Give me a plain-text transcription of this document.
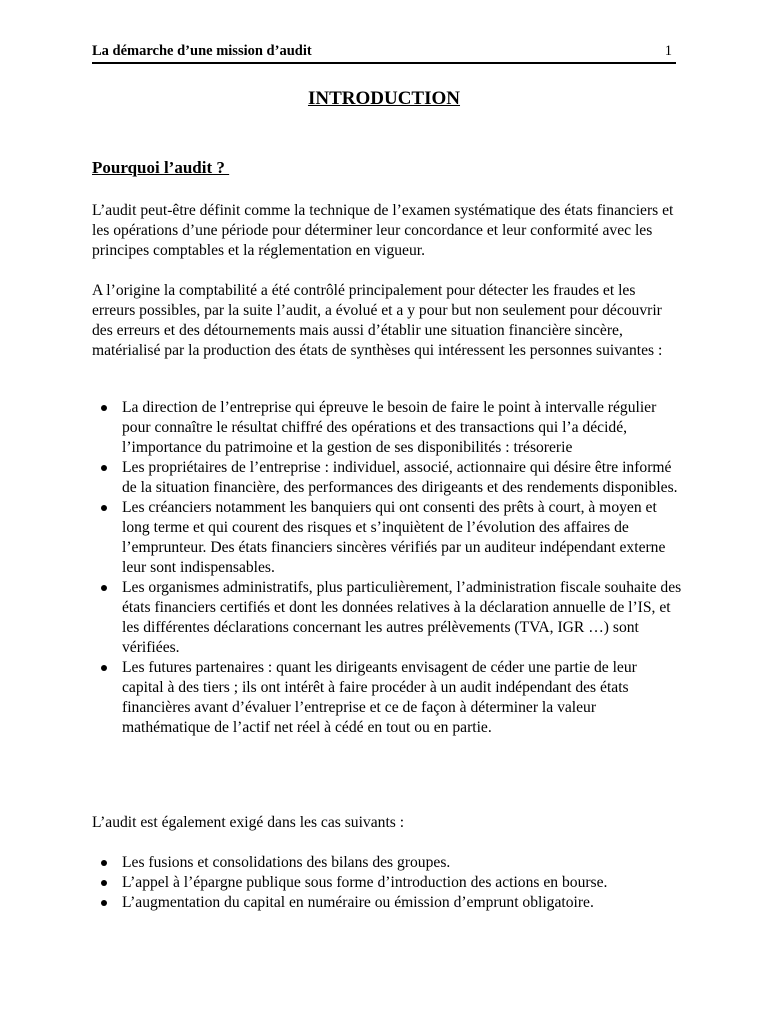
La démarche d’une mission d’audit	1
INTRODUCTION
Pourquoi l’audit ?

L’audit peut-être définit comme la technique de l’examen systématique des états financiers et les opérations d’une période pour déterminer leur concordance et leur conformité avec les principes comptables et la réglementation en vigueur.

A l’origine la comptabilité a été contrôlé principalement pour détecter les fraudes et les erreurs possibles, par la suite l’audit, a évolué et a y pour but non seulement pour découvrir des erreurs et des détournements mais aussi d’établir une situation financière sincère, matérialisé par la production des états de synthèses qui intéressent les personnes suivantes :

La direction de l’entreprise qui épreuve le besoin de faire le point à intervalle régulier pour connaître le résultat chiffré des opérations et des transactions qui l’a décidé, l’importance du patrimoine et la gestion de ses disponibilités : trésorerie
Les propriétaires de l’entreprise : individuel, associé, actionnaire qui désire être informé de la situation financière, des performances des dirigeants et des rendements disponibles.
Les créanciers notamment les banquiers qui ont consenti des prêts à court, à moyen et long terme et qui courent des risques et s’inquiètent de l’évolution des affaires de l’emprunteur. Des états financiers sincères vérifiés par un auditeur indépendant externe leur sont indispensables.
Les organismes administratifs, plus particulièrement, l’administration fiscale souhaite des états financiers certifiés et dont les données relatives à la déclaration annuelle de l’IS, et les différentes déclarations concernant les autres prélèvements (TVA, IGR …) sont vérifiées.
Les futures partenaires : quant les dirigeants envisagent de céder une partie de leur capital à des tiers ; ils ont intérêt à faire procéder à un audit indépendant des états financières avant d’évaluer l’entreprise et ce de façon à déterminer la valeur mathématique de l’actif net réel à cédé en tout ou en partie.

L’audit est également exigé dans les cas suivants :

Les fusions et consolidations des bilans des groupes.
L’appel à l’épargne publique sous forme d’introduction des actions en bourse.
L’augmentation du capital en numéraire ou émission d’emprunt obligatoire.
